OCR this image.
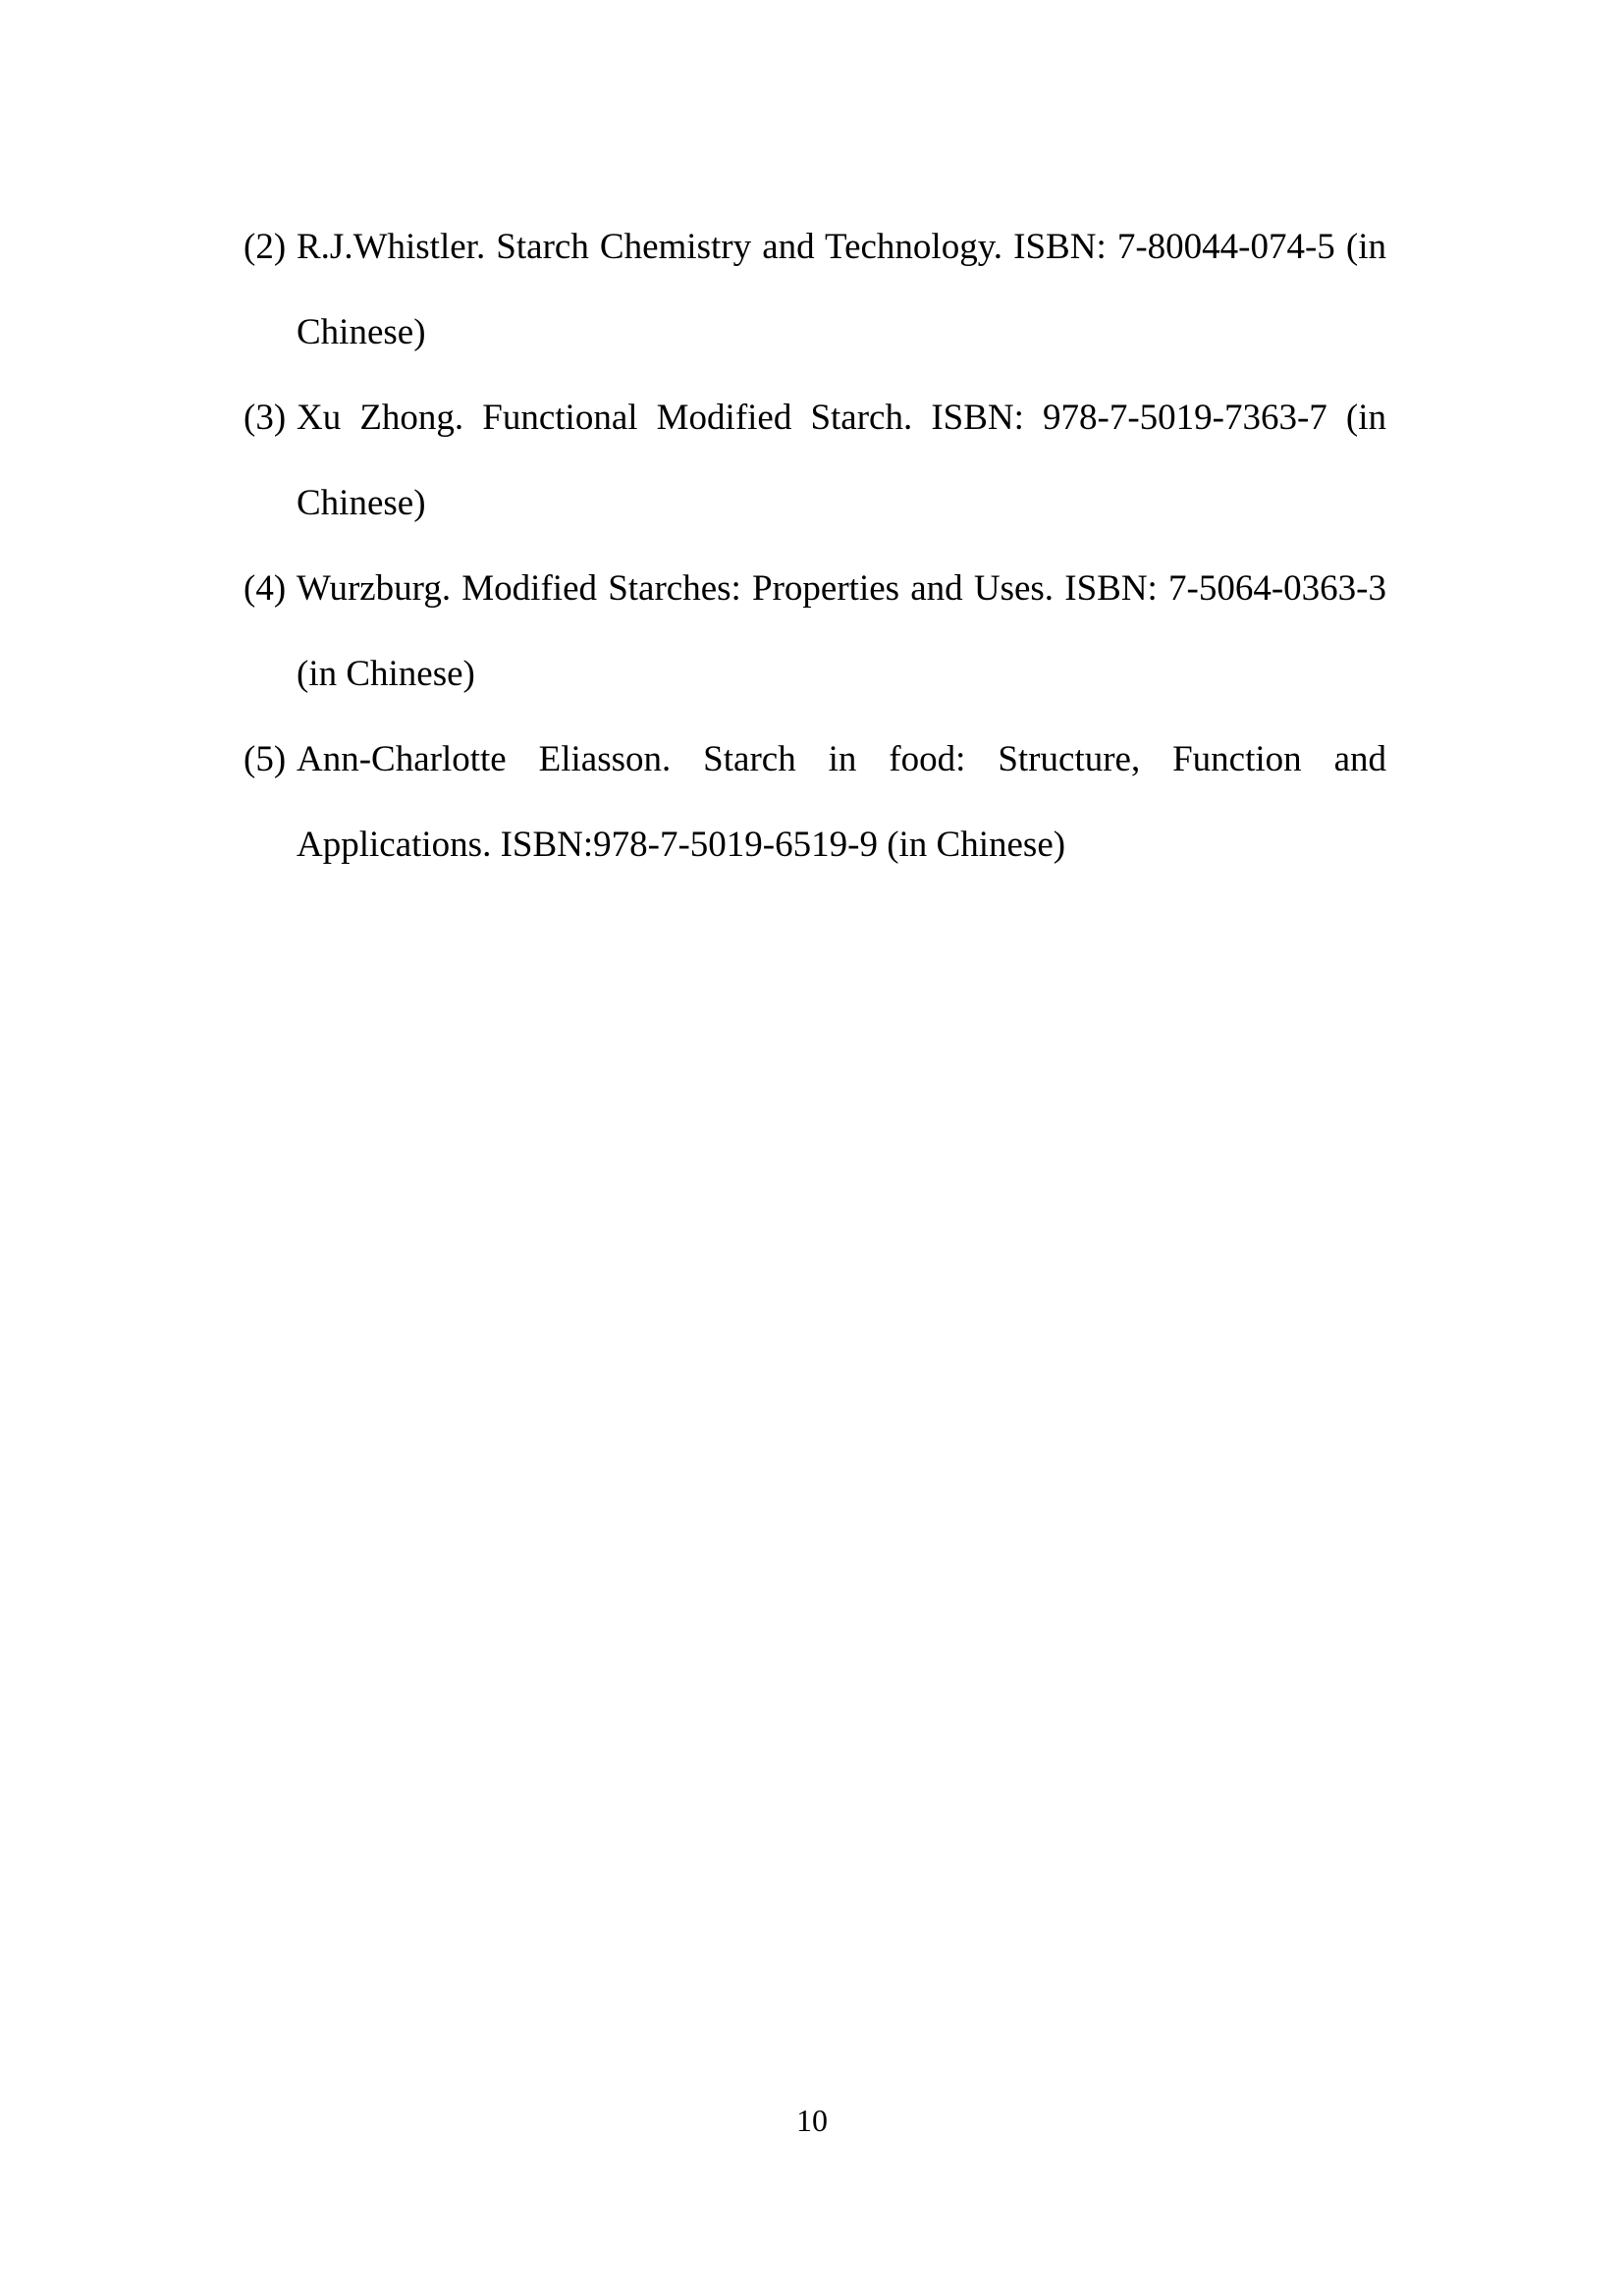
(2) R.J.Whistler. Starch Chemistry and Technology. ISBN: 7-80044-074-5 (in Chinese)
(3) Xu Zhong. Functional Modified Starch. ISBN: 978-7-5019-7363-7 (in Chinese)
(4) Wurzburg. Modified Starches: Properties and Uses. ISBN: 7-5064-0363-3 (in Chinese)
(5) Ann-Charlotte Eliasson. Starch in food: Structure, Function and Applications. ISBN:978-7-5019-6519-9 (in Chinese)
10
